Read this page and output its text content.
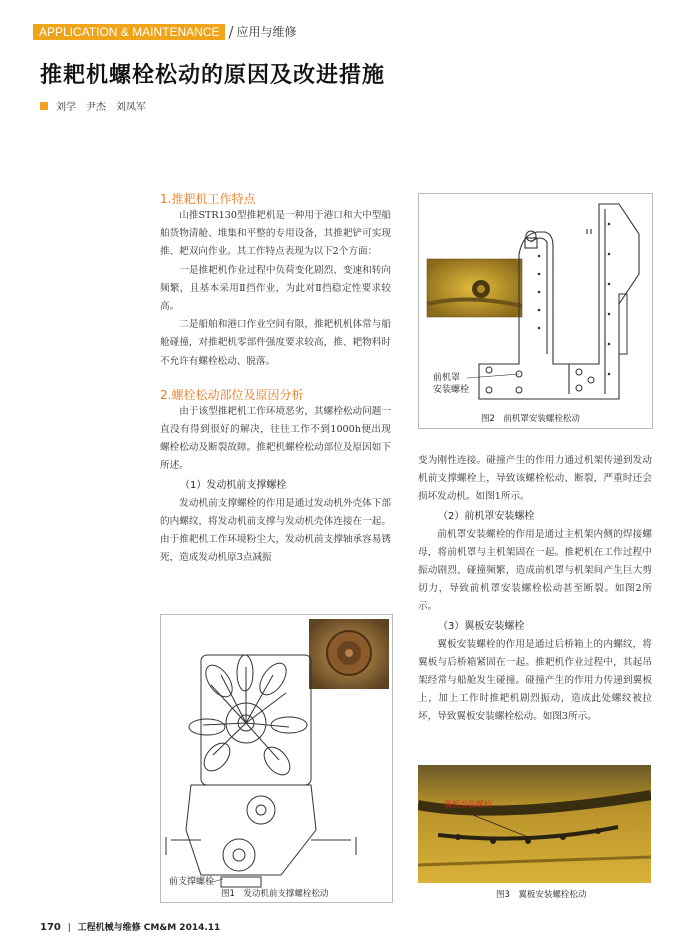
APPLICATION & MAINTENANCE / 应用与维修
推耙机螺栓松动的原因及改进措施
刘学　尹杰　刘凤军
1.推耙机工作特点

山推STR130型推耙机是一种用于港口和大中型船舶货物清舱、堆集和平整的专用设备，其推耙铲可实现推、耙双向作业。其工作特点表现为以下2个方面：

一是推耙机作业过程中负荷变化剧烈、变速和转向频繁，且基本采用Ⅱ挡作业，为此对Ⅱ挡稳定性要求较高。

二是船舶和港口作业空间有限，推耙机机体常与船舱碰撞，对推耙机零部件强度要求较高，推、耙物料时不允许有螺栓松动、脱落。

2.螺栓松动部位及原因分析

由于该型推耙机工作环境恶劣，其螺栓松动问题一直没有得到很好的解决，往往工作不到1000h便出现螺栓松动及断裂故障。推耙机螺栓松动部位及原因如下所述。

（1）发动机前支撑螺栓

发动机前支撑螺栓的作用是通过发动机外壳体下部的内螺纹，将发动机前支撑与发动机壳体连接在一起。由于推耙机工作环境粉尘大，发动机前支撑轴承容易锈死，造成发动机原3点减振

变为刚性连接。碰撞产生的作用力通过机架传递到发动机前支撑螺栓上，导致该螺栓松动、断裂，严重时还会损坏发动机。如图1所示。

（2）前机罩安装螺栓

前机罩安装螺栓的作用是通过主机架内侧的焊接螺母，将前机罩与主机架固在一起。推耙机在工作过程中振动剧烈、碰撞频繁，造成前机罩与机架间产生巨大剪切力，导致前机罩安装螺栓松动甚至断裂。如图2所示。

（3）翼板安装螺栓

翼板安装螺栓的作用是通过后桥箱上的内螺纹，将翼板与后桥箱紧固在一起。推耙机作业过程中，其起吊架经常与船舱发生碰撞。碰撞产生的作用力传递到翼板上，加上工作时推耙机剧烈振动，造成此处螺纹被拉坏，导致翼板安装螺栓松动。如图3所示。

前机罩
安装螺栓
图2　前机罩安装螺栓松动
前支撑螺栓
图1　发动机前支撑螺栓松动
翼板安装螺栓
图3　翼板安装螺栓松动
170 | 工程机械与维修 CM&M 2014.11
